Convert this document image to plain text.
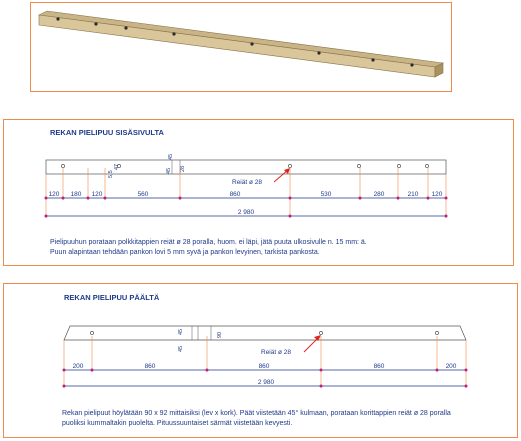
REKAN PIELIPUU SISÄSIVULTA
5,5
47
45
45 28
Reiät ø 28
120 180 120	560	860	530	280	210 120
2 980
Pielipuuhun porataan polkkitappien reiät ø 28 poralla, huom. ei läpi, jätä puuta ulkosivulle n. 15 mm: ä.
Puun alapintaan tehdään pankon lovi 5 mm syvä ja pankon levyinen, tarkista pankosta.
REKAN PIELIPUU PÄÄLTÄ
45
45
90
Reiät ø 28
200	860	860	860	200
2 980
Rekan pielipuut höylätään 90 x 92 mittaisiksi (lev x kork). Päät viistetään 45° kulmaan, porataan korittappien reiät ø 28 poralla
puoliksi kummaltakin puolelta. Pituussuuntaiset särmät viistetään kevyesti.
